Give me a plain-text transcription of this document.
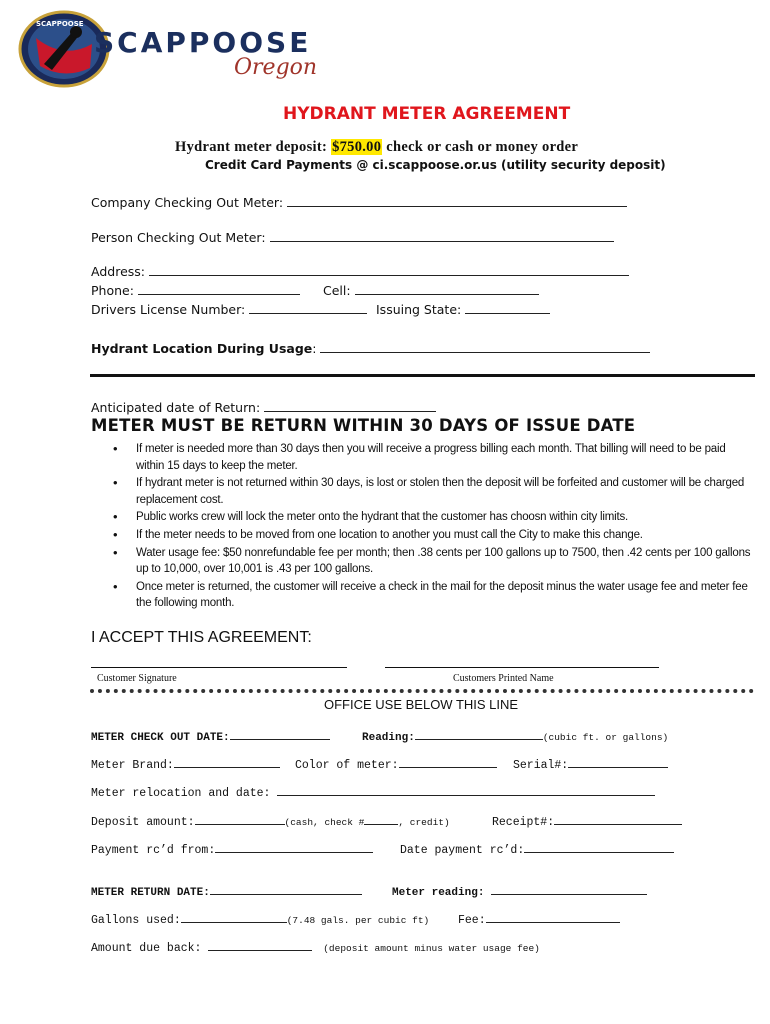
SCAPPOOSE
SCAPPOOSE
Oregon
HYDRANT METER AGREEMENT
Hydrant meter deposit: $750.00 check or cash or money order
Credit Card Payments @ ci.scappoose.or.us (utility security deposit)
Company Checking Out Meter:
Person Checking Out Meter:
Address:
Phone:	Cell:
Drivers License Number:	Issuing State:
Hydrant Location During Usage:
Anticipated date of Return:
METER MUST BE RETURN WITHIN 30 DAYS OF ISSUE DATE
• If meter is needed more than 30 days then you will receive a progress billing each month. That billing will need to be paid within 15 days to keep the meter.
• If hydrant meter is not returned within 30 days, is lost or stolen then the deposit will be forfeited and customer will be charged replacement cost.
• Public works crew will lock the meter onto the hydrant that the customer has choosn within city limits.
• If the meter needs to be moved from one location to another you must call the City to make this change.
• Water usage fee: $50 nonrefundable fee per month; then .38 cents per 100 gallons up to 7500, then .42 cents per 100 gallons up to 10,000, over 10,001 is .43 per 100 gallons.
• Once meter is returned, the customer will receive a check in the mail for the deposit minus the water usage fee and meter fee the following month.
I ACCEPT THIS AGREEMENT:
Customer Signature	Customers Printed Name
OFFICE USE BELOW THIS LINE
METER CHECK OUT DATE:	Reading:	(cubic ft. or gallons)
Meter Brand:	Color of meter:	Serial#:
Meter relocation and date:
Deposit amount:	(cash, check #	, credit)	Receipt#:
Payment rc’d from:	Date payment rc’d:
METER RETURN DATE:	Meter reading:
Gallons used:	(7.48 gals. per cubic ft)	Fee:
Amount due back:	(deposit amount minus water usage fee)
